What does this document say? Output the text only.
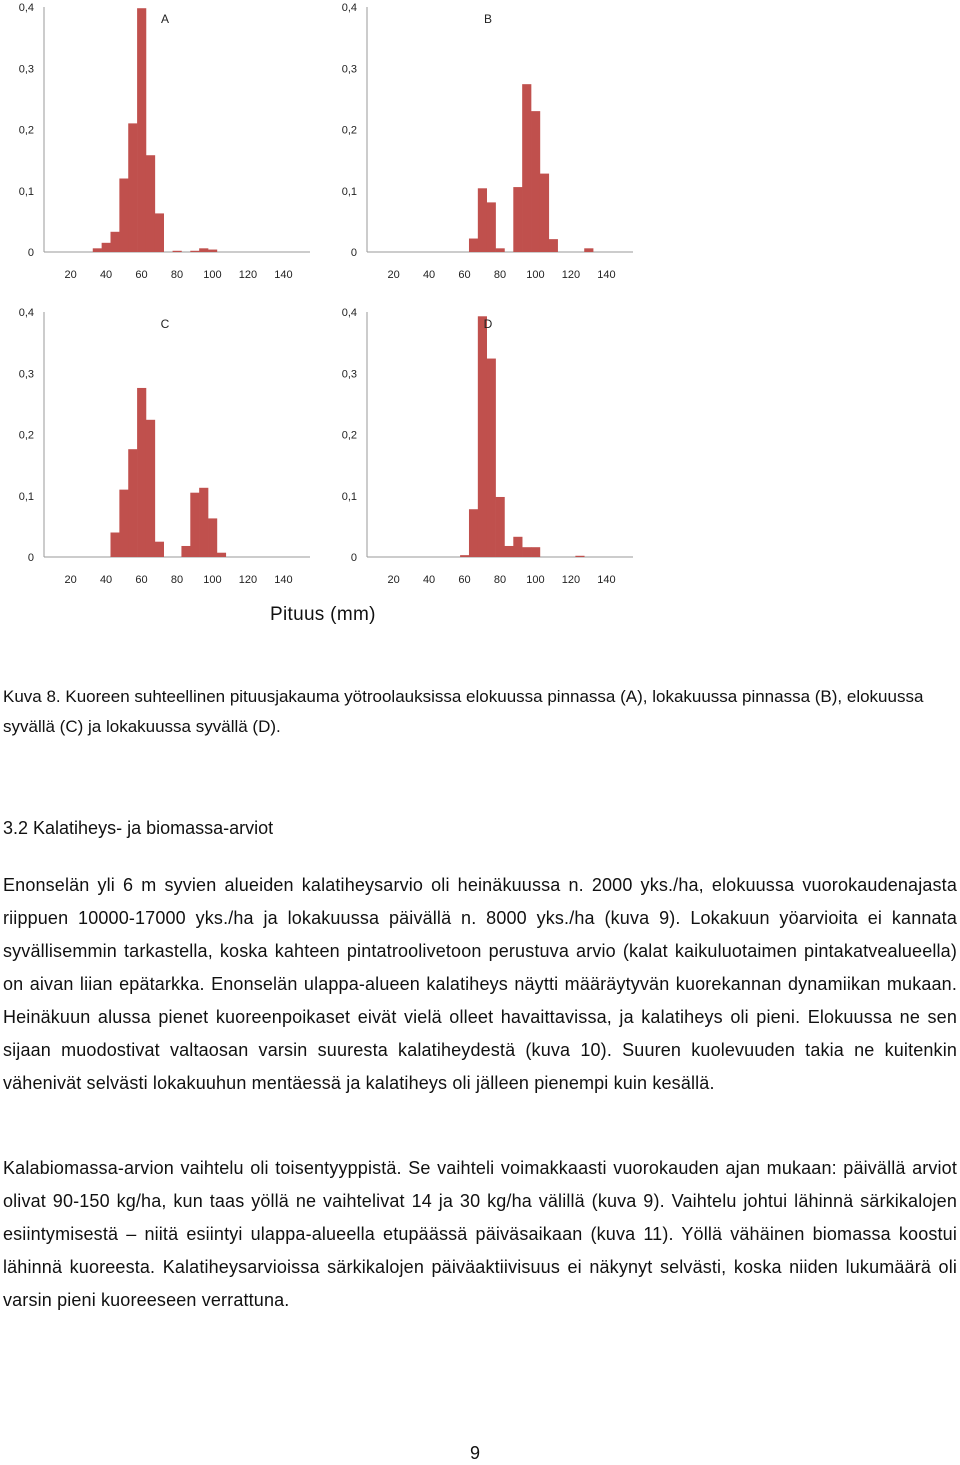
0
0,1
0,2
0,3
0,4
20 40 60 80 100 120 140
A
0
0,1
0,2
0,3
0,4
20 40 60 80 100 120 140
B
0
0,1
0,2
0,3
0,4
20 40 60 80 100 120 140
C
0
0,1
0,2
0,3
0,4
20 40 60 80 100 120 140
D
Pituus (mm)
Kuva 8. Kuoreen suhteellinen pituusjakauma yötroolauksissa elokuussa pinnassa (A), lokakuussa pinnassa (B), elokuussa syvällä (C) ja lokakuussa syvällä (D).
3.2 Kalatiheys- ja biomassa-arviot
Enonselän yli 6 m syvien alueiden kalatiheysarvio oli heinäkuussa n. 2000 yks./ha, elokuussa vuorokaudenajasta riippuen 10000-17000 yks./ha ja lokakuussa päivällä n. 8000 yks./ha (kuva 9). Lokakuun yöarvioita ei kannata syvällisemmin tarkastella, koska kahteen pintatroolivetoon perustuva arvio (kalat kaikuluotaimen pintakatvealueella) on aivan liian epätarkka. Enonselän ulappa-alueen kalatiheys näytti määräytyvän kuorekannan dynamiikan mukaan. Heinäkuun alussa pienet kuoreenpoikaset eivät vielä olleet havaittavissa, ja kalatiheys oli pieni. Elokuussa ne sen sijaan muodostivat valtaosan varsin suuresta kalatiheydestä (kuva 10). Suuren kuolevuuden takia ne kuitenkin vähenivät selvästi lokakuuhun mentäessä ja kalatiheys oli jälleen pienempi kuin kesällä.
Kalabiomassa-arvion vaihtelu oli toisentyyppistä. Se vaihteli voimakkaasti vuorokauden ajan mukaan: päivällä arviot olivat 90-150 kg/ha, kun taas yöllä ne vaihtelivat 14 ja 30 kg/ha välillä (kuva 9). Vaihtelu johtui lähinnä särkikalojen esiintymisestä – niitä esiintyi ulappa-alueella etupäässä päiväsaikaan (kuva 11). Yöllä vähäinen biomassa koostui lähinnä kuoreesta. Kalatiheysarvioissa särkikalojen päiväaktiivisuus ei näkynyt selvästi, koska niiden lukumäärä oli varsin pieni kuoreeseen verrattuna.
9
